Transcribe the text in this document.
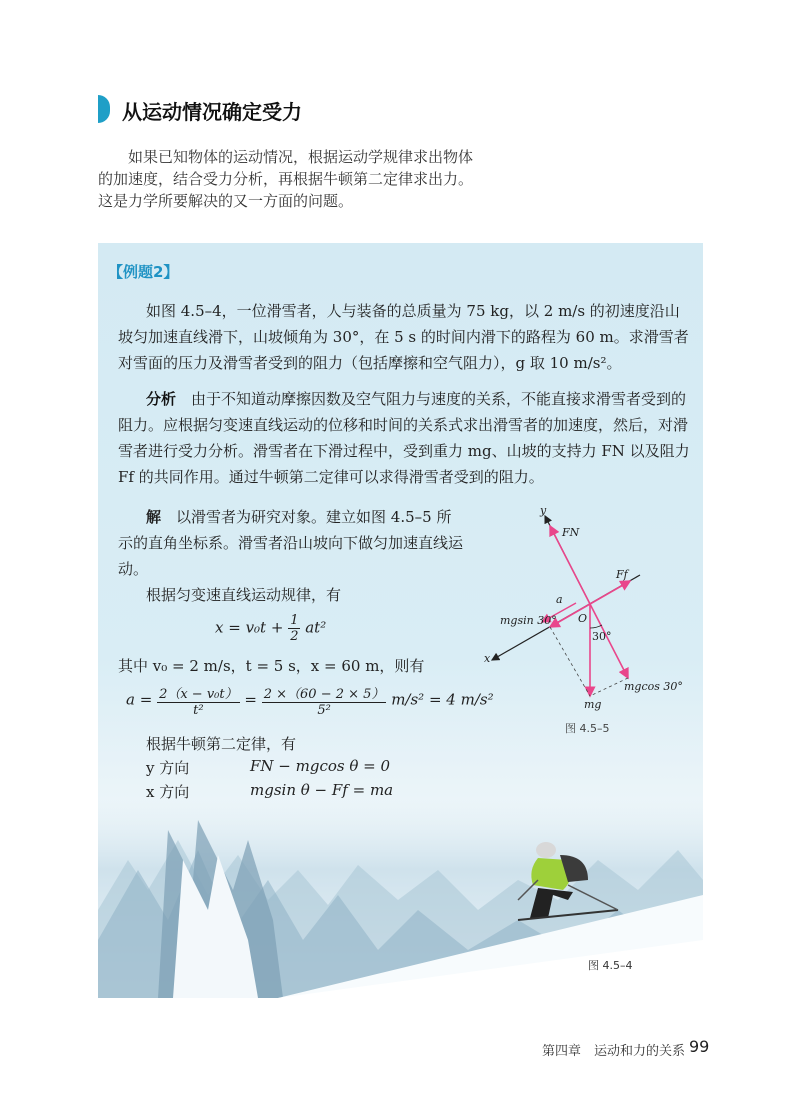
从运动情况确定受力

如果已知物体的运动情况，根据运动学规律求出物体

的加速度，结合受力分析，再根据牛顿第二定律求出力。

这是力学所要解决的又一方面的问题。

【例题2】
如图 4.5–4，一位滑雪者，人与装备的总质量为 75 kg，以 2 m/s 的初速度沿山坡匀加速直线滑下，山坡倾角为 30°，在 5 s 的时间内滑下的路程为 60 m。求滑雪者对雪面的压力及滑雪者受到的阻力（包括摩擦和空气阻力），g 取 10 m/s²。
分析　 由于不知道动摩擦因数及空气阻力与速度的关系，不能直接求滑雪者受到的阻力。应根据匀变速直线运动的位移和时间的关系式求出滑雪者的加速度，然后，对滑雪者进行受力分析。滑雪者在下滑过程中，受到重力 mg、山坡的支持力 FN 以及阻力 Ff 的共同作用。通过牛顿第二定律可以求得滑雪者受到的阻力。
解　 以滑雪者为研究对象。建立如图 4.5–5 所示的直角坐标系。滑雪者沿山坡向下做匀加速直线运动。
根据匀变速直线运动规律，有
$x = v_0t + \frac{1}{2} at^2$
其中 v₀ = 2 m/s，t = 5 s，x = 60 m，则有
$a = \frac{\text{2（x − v₀t）}}{\text{t²}} = \frac{2 \times(60 - 2 \times 5)}{\text{5²}} m/s^2 = 4$ m/s²
根据牛顿第二定律，有
y 方向	FN − mgcos θ = 0
x 方向	mgsin θ − Ff = ma
y
FN
Ff
a
O
30°
mgsin 30°
mgcos 30°
mg
x
图 4.5–5
图 4.5–4
第四章　运动和力的关系 99
